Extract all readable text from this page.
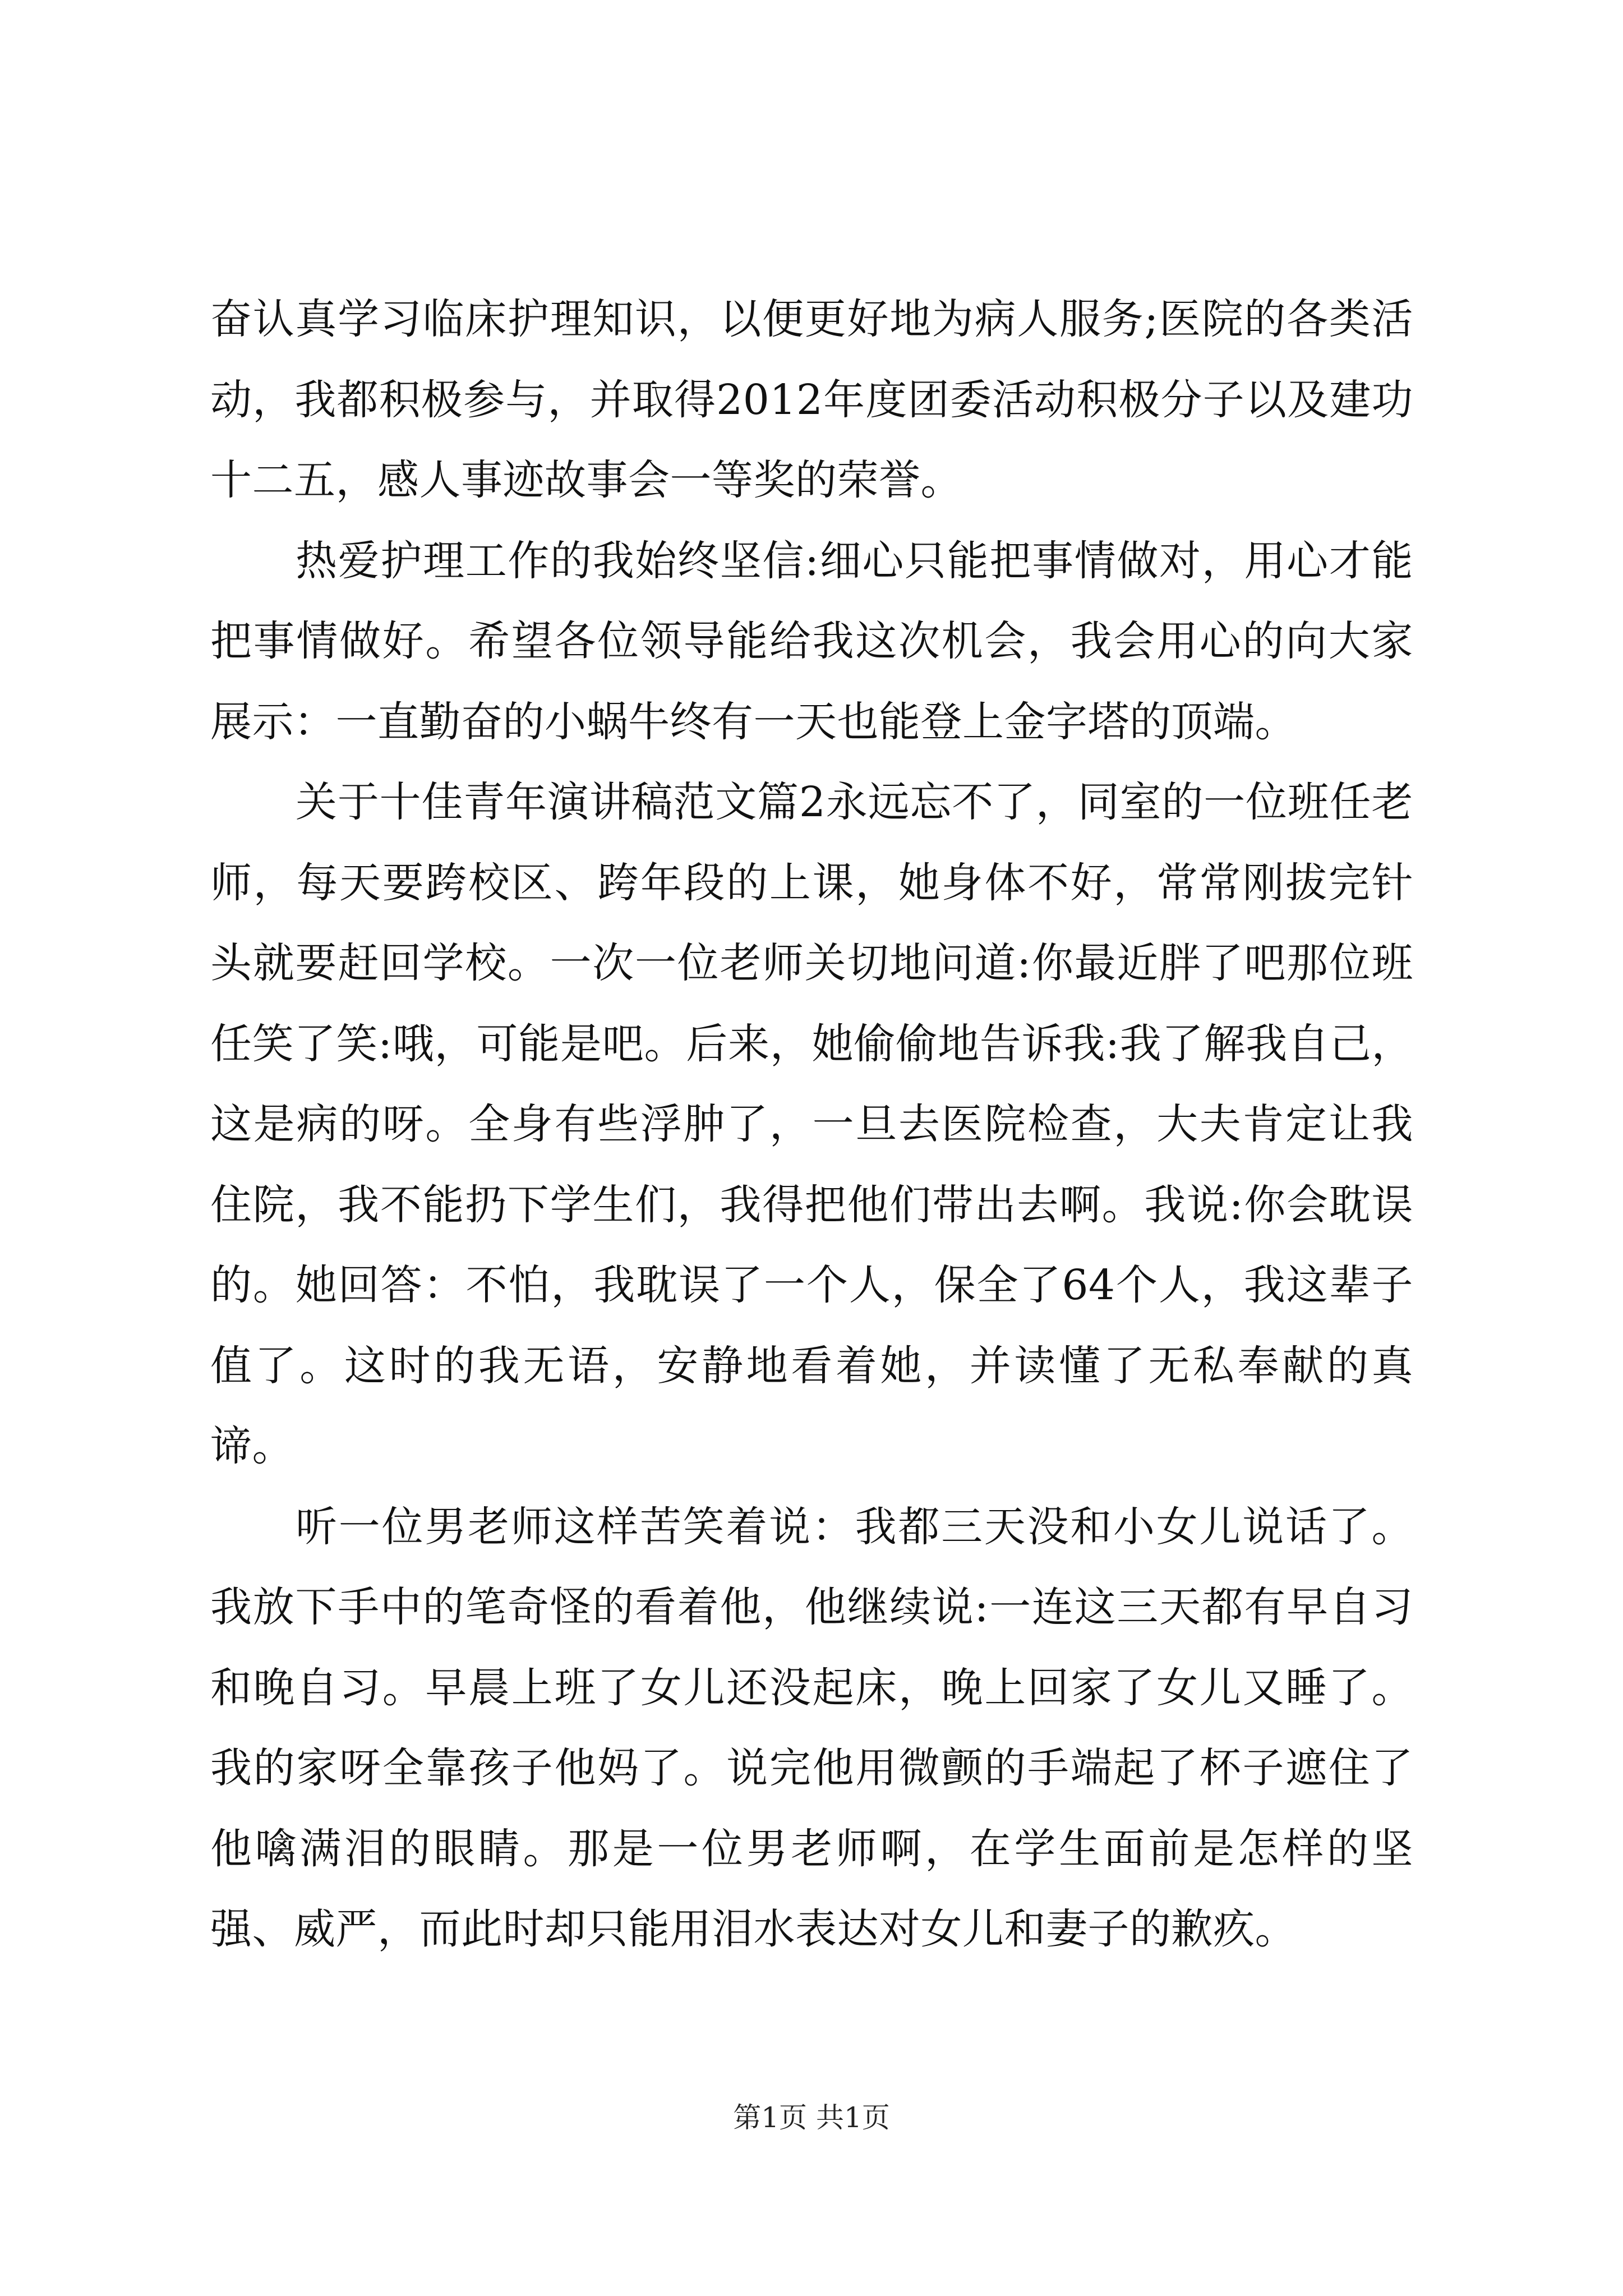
奋认真学习临床护理知识，以便更好地为病人服务;医院的各类活动，我都积极参与，并取得2012年度团委活动积极分子以及建功十二五，感人事迹故事会一等奖的荣誉。

热爱护理工作的我始终坚信:细心只能把事情做对，用心才能把事情做好。希望各位领导能给我这次机会，我会用心的向大家展示：一直勤奋的小蜗牛终有一天也能登上金字塔的顶端。

关于十佳青年演讲稿范文篇2永远忘不了，同室的一位班任老师，每天要跨校区、跨年段的上课，她身体不好，常常刚拔完针头就要赶回学校。一次一位老师关切地问道:你最近胖了吧那位班任笑了笑:哦，可能是吧。后来，她偷偷地告诉我:我了解我自己，这是病的呀。全身有些浮肿了，一旦去医院检查，大夫肯定让我住院，我不能扔下学生们，我得把他们带出去啊。我说:你会耽误的。她回答：不怕，我耽误了一个人，保全了64个人，我这辈子值了。这时的我无语，安静地看着她，并读懂了无私奉献的真谛。

听一位男老师这样苦笑着说：我都三天没和小女儿说话了。我放下手中的笔奇怪的看着他，他继续说:一连这三天都有早自习和晚自习。早晨上班了女儿还没起床，晚上回家了女儿又睡了。我的家呀全靠孩子他妈了。说完他用微颤的手端起了杯子遮住了他噙满泪的眼睛。那是一位男老师啊，在学生面前是怎样的坚强、威严，而此时却只能用泪水表达对女儿和妻子的歉疚。

第1页 共1页
